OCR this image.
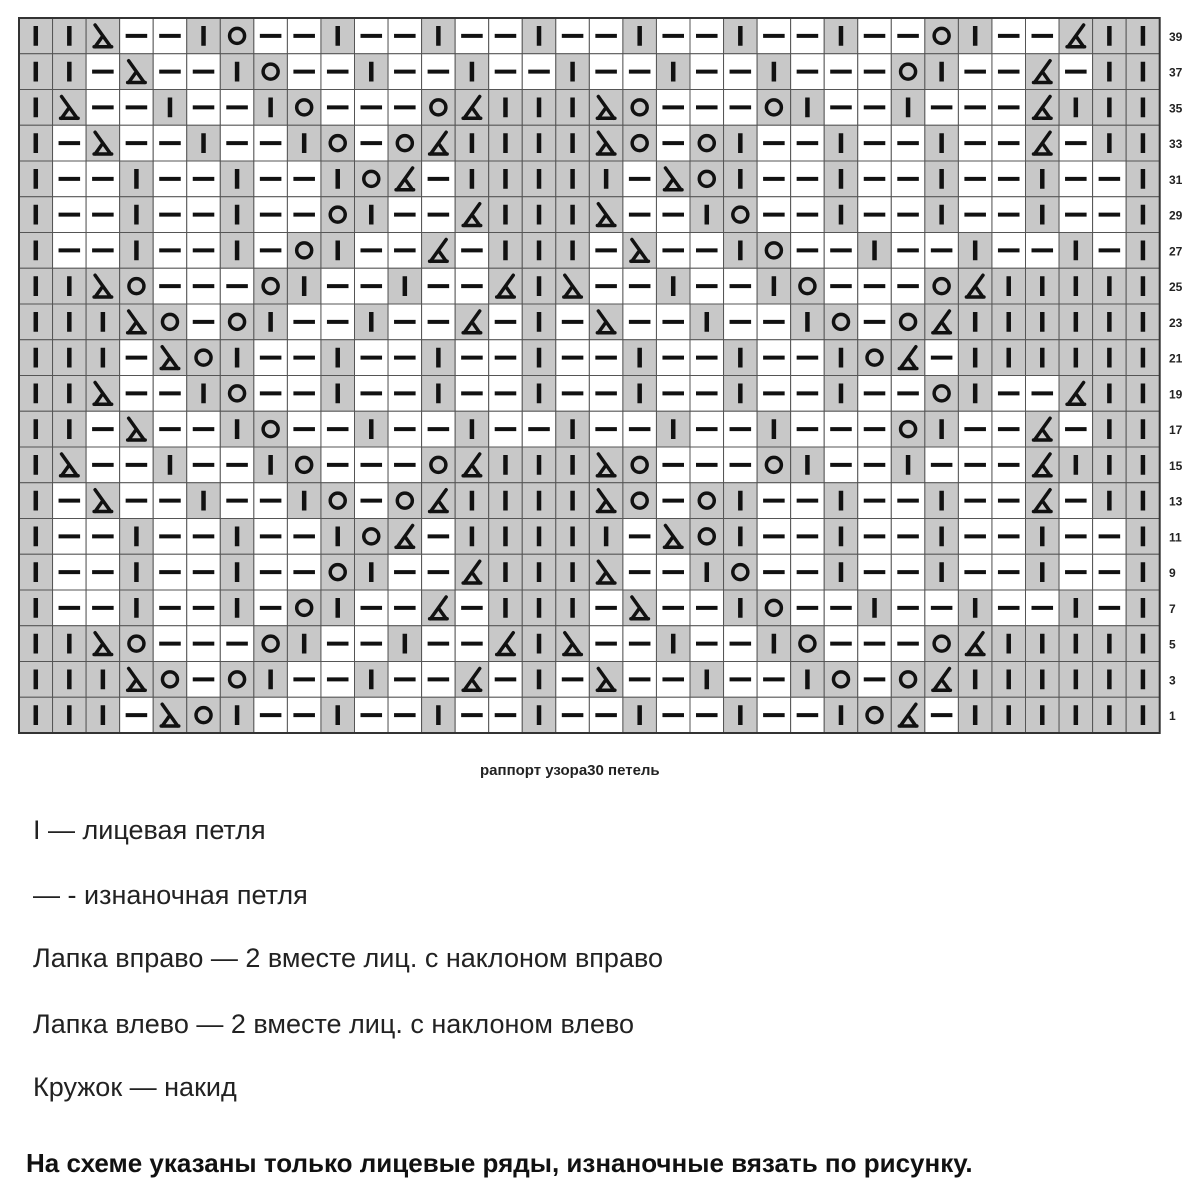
39
37
35
33
31
29
27
25
23
21
19
17
15
13
11
9
7
5
3
1
раппорт узора30 петель
I — лицевая петля
— - изнаночная петля
Лапка вправо — 2 вместе лиц. с наклоном вправо
Лапка влево — 2 вместе лиц. с наклоном влево
Кружок — накид
На схеме указаны только лицевые ряды, изнаночные вязать по рисунку.
